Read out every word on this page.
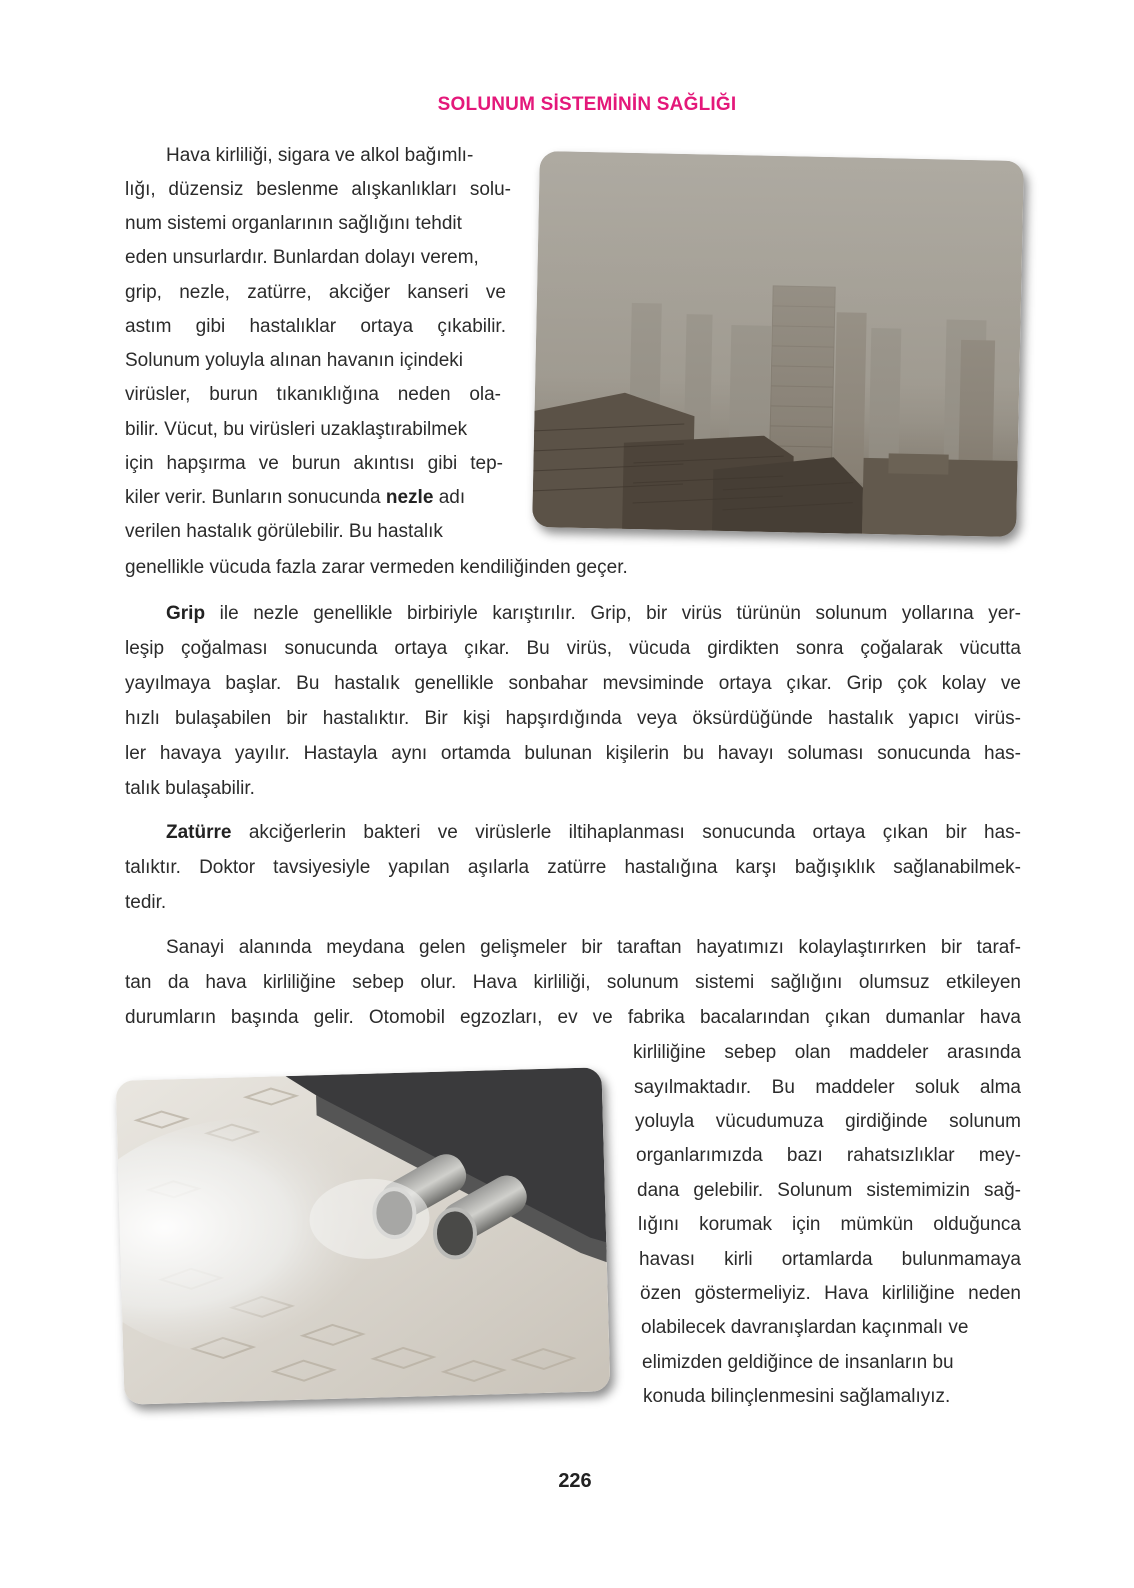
SOLUNUM SİSTEMİNİN SAĞLIĞI
Hava kirliliği, sigara ve alkol bağımlı-
lığı, düzensiz beslenme alışkanlıkları solu-
num sistemi organlarının sağlığını tehdit
eden unsurlardır. Bunlardan dolayı verem,
grip, nezle, zatürre, akciğer kanseri ve
astım gibi hastalıklar ortaya çıkabilir.
Solunum yoluyla alınan havanın içindeki
virüsler, burun tıkanıklığına neden ola-
bilir. Vücut, bu virüsleri uzaklaştırabilmek
için hapşırma ve burun akıntısı gibi tep-
kiler verir. Bunların sonucunda nezle adı
verilen hastalık görülebilir. Bu hastalık
genellikle vücuda fazla zarar vermeden kendiliğinden geçer.
Grip ile nezle genellikle birbiriyle karıştırılır. Grip, bir virüs türünün solunum yollarına yer-
leşip çoğalması sonucunda ortaya çıkar. Bu virüs, vücuda girdikten sonra çoğalarak vücutta
yayılmaya başlar. Bu hastalık genellikle sonbahar mevsiminde ortaya çıkar. Grip çok kolay ve
hızlı bulaşabilen bir hastalıktır. Bir kişi hapşırdığında veya öksürdüğünde hastalık yapıcı virüs-
ler havaya yayılır. Hastayla aynı ortamda bulunan kişilerin bu havayı soluması sonucunda has-
talık bulaşabilir.
Zatürre akciğerlerin bakteri ve virüslerle iltihaplanması sonucunda ortaya çıkan bir has-
talıktır. Doktor tavsiyesiyle yapılan aşılarla zatürre hastalığına karşı bağışıklık sağlanabilmek-
tedir.
Sanayi alanında meydana gelen gelişmeler bir taraftan hayatımızı kolaylaştırırken bir taraf-
tan da hava kirliliğine sebep olur. Hava kirliliği, solunum sistemi sağlığını olumsuz etkileyen
durumların başında gelir. Otomobil egzozları, ev ve fabrika bacalarından çıkan dumanlar hava
kirliliğine sebep olan maddeler arasında
sayılmaktadır. Bu maddeler soluk alma
yoluyla vücudumuza girdiğinde solunum
organlarımızda bazı rahatsızlıklar mey-
dana gelebilir. Solunum sistemimizin sağ-
lığını korumak için mümkün olduğunca
havası kirli ortamlarda bulunmamaya
özen göstermeliyiz. Hava kirliliğine neden
olabilecek davranışlardan kaçınmalı ve
elimizden geldiğince de insanların bu
konuda bilinçlenmesini sağlamalıyız.
226
